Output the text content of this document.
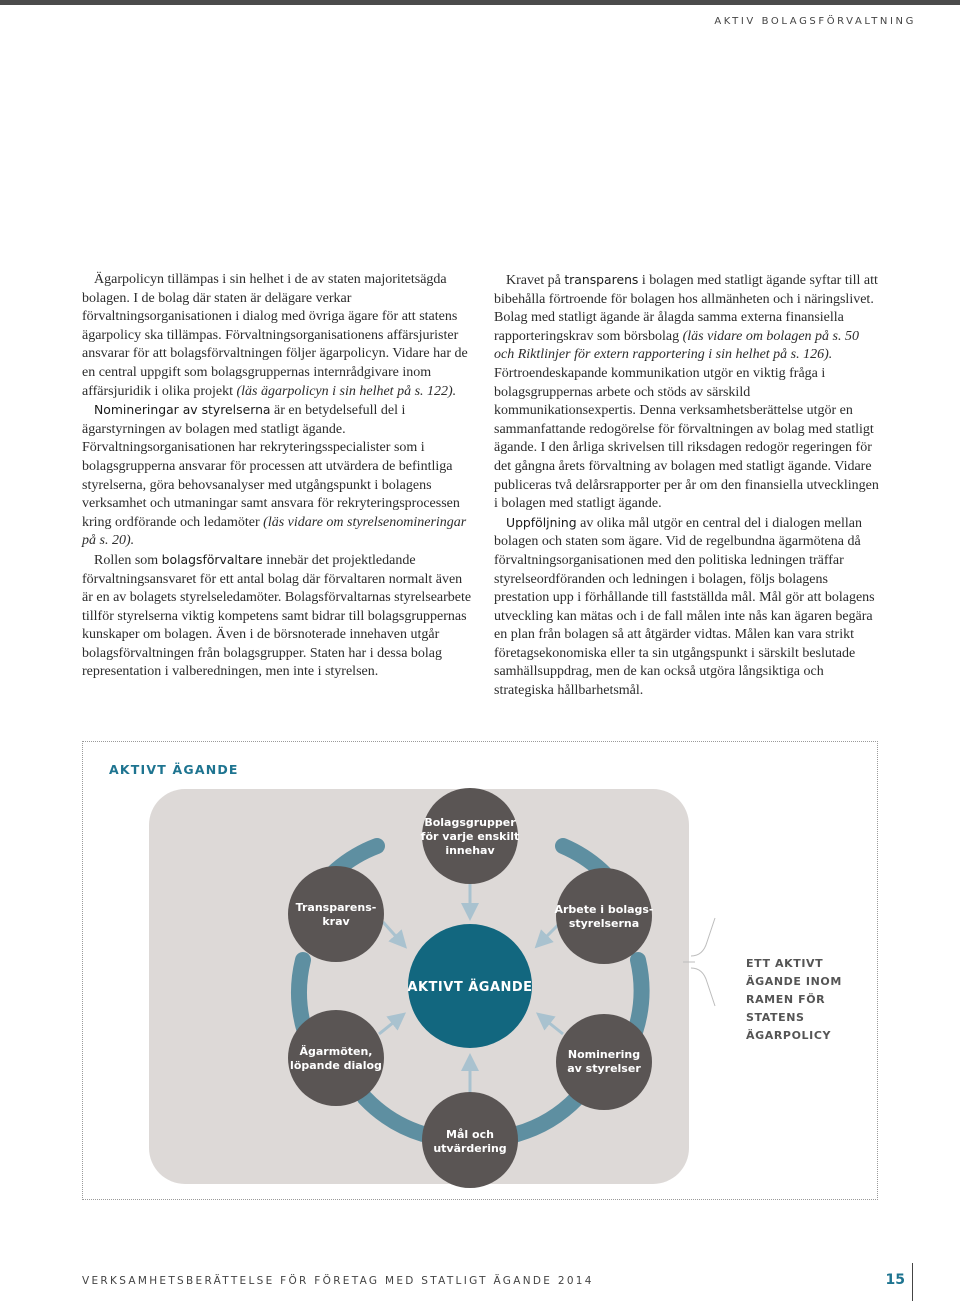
AKTIV BOLAGSFÖRVALTNING

Ägarpolicyn tillämpas i sin helhet i de av staten majoritetsägda bolagen. I de bolag där staten är delägare verkar förvaltningsorganisationen i dialog med övriga ägare för att statens ägarpolicy ska tillämpas. Förvaltningsorganisationens affärsjurister ansvarar för att bolagsförvaltningen följer ägarpolicyn. Vidare har de en central uppgift som bolagsgruppernas internrådgivare inom affärsjuridik i olika projekt (läs ägarpolicyn i sin helhet på s. 122).

Nomineringar av styrelserna är en betydelsefull del i ägarstyrningen av bolagen med statligt ägande. Förvaltningsorganisationen har rekryteringsspecialister som i bolagsgrupperna ansvarar för processen att utvärdera de befintliga styrelserna, göra behovsanalyser med utgångspunkt i bolagens verksamhet och utmaningar samt ansvara för rekryteringsprocessen kring ordförande och ledamöter (läs vidare om styrelsenomineringar på s. 20).

Rollen som bolagsförvaltare innebär det projektledande förvaltningsansvaret för ett antal bolag där förvaltaren normalt även är en av bolagets styrelseledamöter. Bolagsförvaltarnas styrelsearbete tillför styrelserna viktig kompetens samt bidrar till bolagsgruppernas kunskaper om bolagen. Även i de börsnoterade innehaven utgår bolagsförvaltningen från bolagsgrupper. Staten har i dessa bolag representation i valberedningen, men inte i styrelsen.

Kravet på transparens i bolagen med statligt ägande syftar till att bibehålla förtroende för bolagen hos allmänheten och i näringslivet. Bolag med statligt ägande är ålagda samma externa finansiella rapporteringskrav som börsbolag (läs vidare om bolagen på s. 50 och Riktlinjer för extern rapportering i sin helhet på s. 126). Förtroendeskapande kommunikation utgör en viktig fråga i bolagsgruppernas arbete och stöds av särskild kommunikationsexpertis. Denna verksamhetsberättelse utgör en sammanfattande redogörelse för förvaltningen av bolag med statligt ägande. I den årliga skrivelsen till riksdagen redogör regeringen för det gångna årets förvaltning av bolagen med statligt ägande. Vidare publiceras två delårsrapporter per år om den finansiella utvecklingen i bolagen med statligt ägande.

Uppföljning av olika mål utgör en central del i dialogen mellan bolagen och staten som ägare. Vid de regelbundna ägarmötena då förvaltningsorganisationen med den politiska ledningen träffar styrelseordföranden och ledningen i bolagen, följs bolagens prestation upp i förhållande till fastställda mål. Mål gör att bolagens utveckling kan mätas och i de fall målen inte nås kan ägaren begära en plan från bolagen så att åtgärder vidtas. Målen kan vara strikt företagsekonomiska eller ta sin utgångspunkt i särskilt beslutade samhällsuppdrag, men de kan också utgöra långsiktiga och strategiska hållbarhetsmål.

AKTIVT ÄGANDE
AKTIVT ÄGANDE
Bolagsgrupper
för varje enskilt
innehav
Arbete i bolags-
styrelserna
Nominering
av styrelser
Mål och
utvärdering
Ägarmöten,
löpande dialog
Transparens-
krav
ETT AKTIVT
ÄGANDE INOM
RAMEN FÖR
STATENS
ÄGARPOLICY
VERKSAMHETSBERÄTTELSE FÖR FÖRETAG MED STATLIGT ÄGANDE 2014	15
